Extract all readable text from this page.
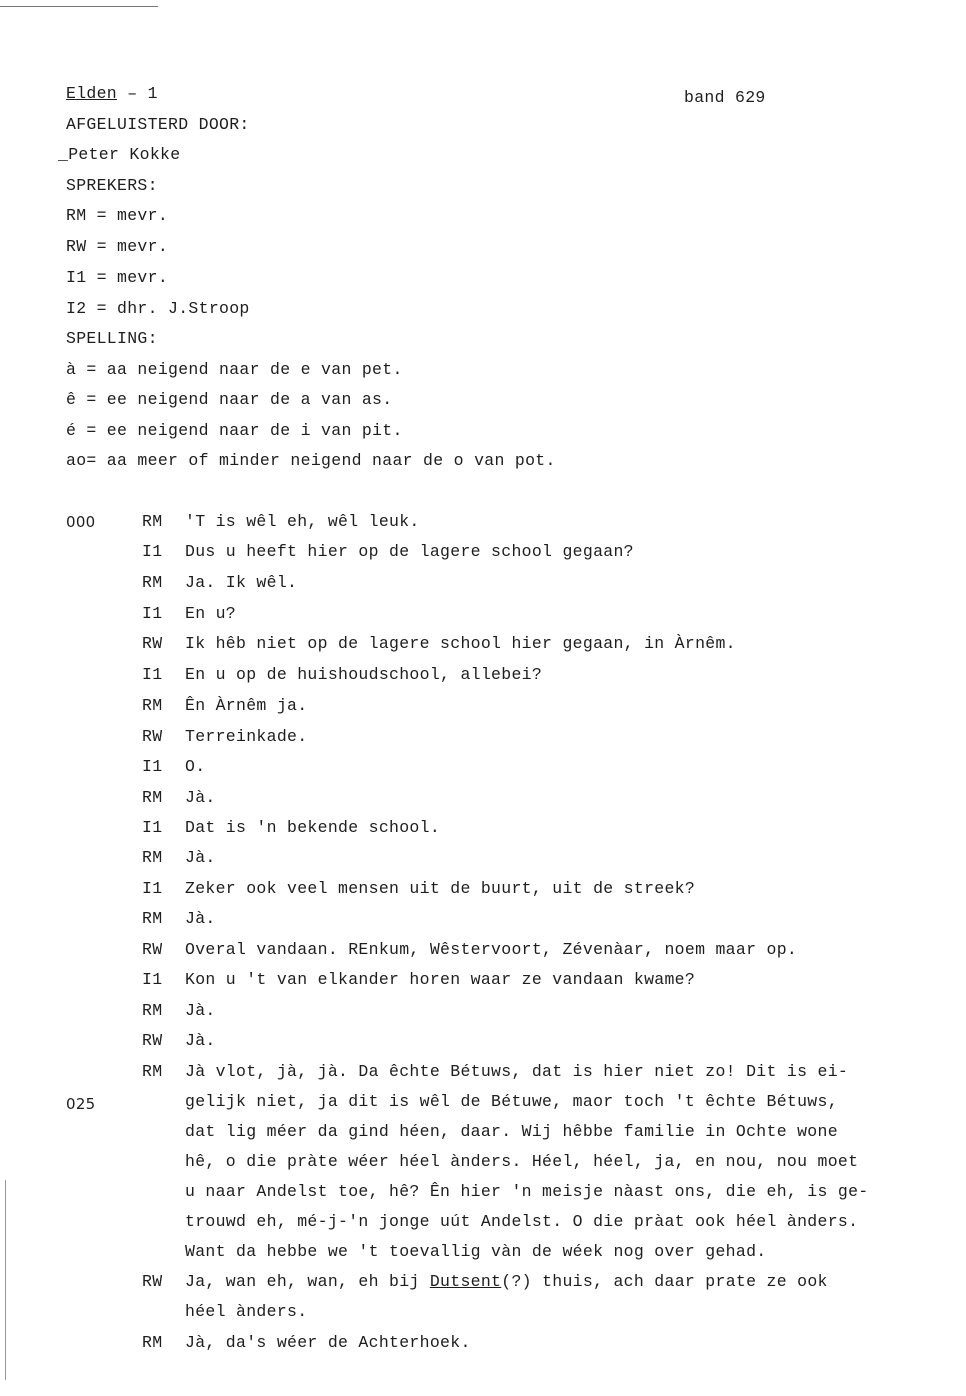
Elden – 1	band 629
AFGELUISTERD DOOR:
_Peter Kokke
SPREKERS:
RM = mevr.
RW = mevr.
I1 = mevr.
I2 = dhr. J.Stroop
SPELLING:
à = aa neigend naar de e van pet.
ê = ee neigend naar de a van as.
é = ee neigend naar de i van pit.
ao= aa meer of minder neigend naar de o van pot.
000
025
RM 'T is wêl eh, wêl leuk.
I1 Dus u heeft hier op de lagere school gegaan?
RM Ja. Ik wêl.
I1 En u?
RW Ik hêb niet op de lagere school hier gegaan, in Àrnêm.
I1 En u op de huishoudschool, allebei?
RM Ên Àrnêm ja.
RW Terreinkade.
I1 O.
RM Jà.
I1 Dat is 'n bekende school.
RM Jà.
I1 Zeker ook veel mensen uit de buurt, uit de streek?
RM Jà.
RW Overal vandaan. REnkum, Wêstervoort, Zévenàar, noem maar op.
I1 Kon u 't van elkander horen waar ze vandaan kwame?
RM Jà.
RW Jà.
RM Jà vlot, jà, jà. Da êchte Bétuws, dat is hier niet zo! Dit is ei-
gelijk niet, ja dit is wêl de Bétuwe, maor toch 't êchte Bétuws,
dat lig méer da gind héen, daar. Wij hêbbe familie in Ochte wone
hê, o die pràte wéer héel ànders. Héel, héel, ja, en nou, nou moet
u naar Andelst toe, hê? Ên hier 'n meisje nàast ons, die eh, is ge-
trouwd eh, mé-j-'n jonge uút Andelst. O die pràat ook héel ànders.
Want da hebbe we 't toevallig vàn de wéek nog over gehad.
RW Ja, wan eh, wan, eh bij Dutsent(?) thuis, ach daar prate ze ook
héel ànders.
RM Jà, da's wéer de Achterhoek.
